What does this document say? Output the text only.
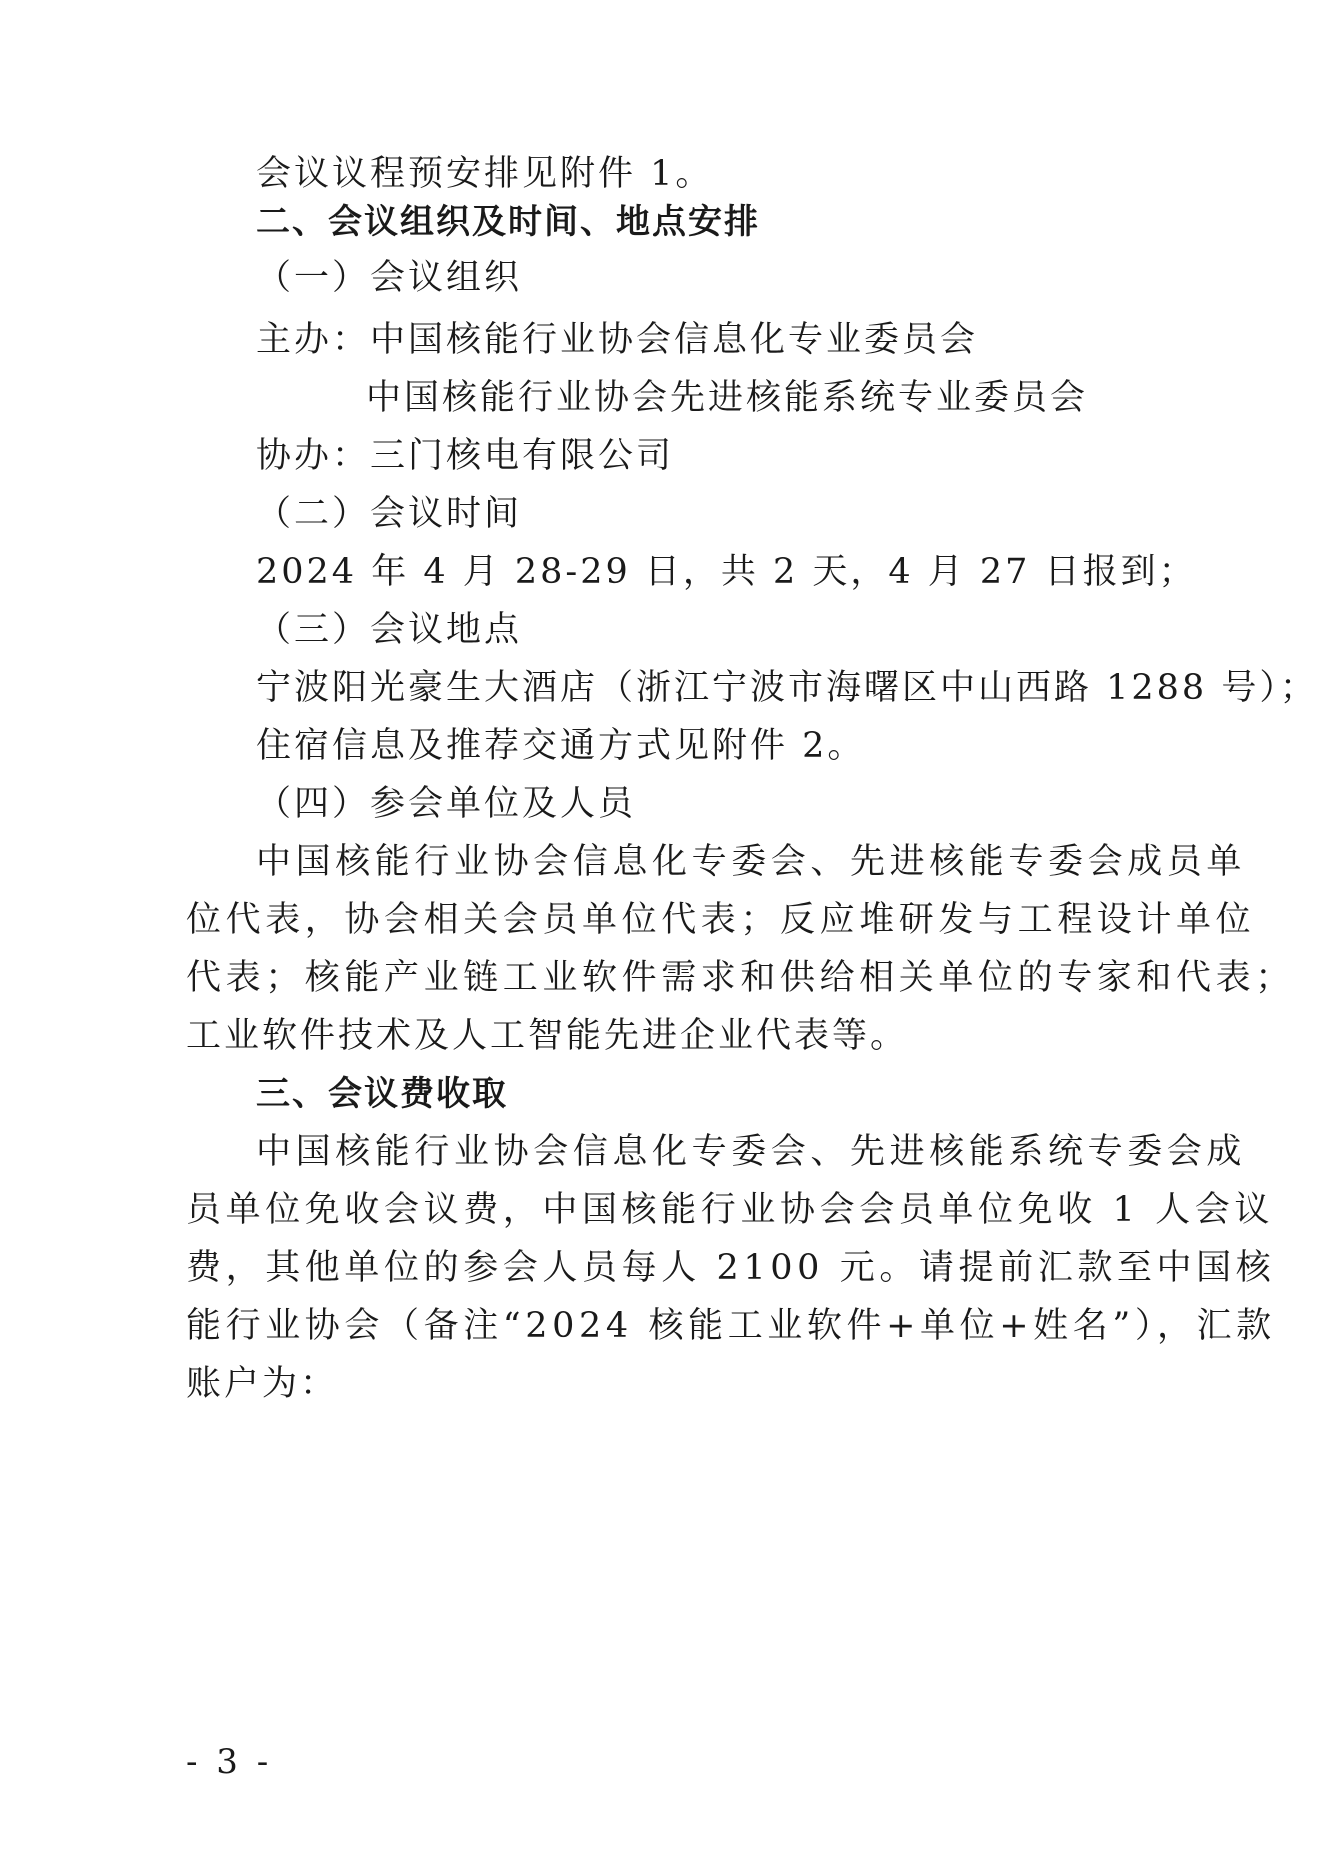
会议议程预安排见附件 1。
二、会议组织及时间、地点安排
（一）会议组织
主办：中国核能行业协会信息化专业委员会
中国核能行业协会先进核能系统专业委员会
协办：三门核电有限公司
（二）会议时间
2024 年 4 月 28-29 日，共 2 天，4 月 27 日报到；
（三）会议地点
宁波阳光豪生大酒店（浙江宁波市海曙区中山西路 1288 号）；
住宿信息及推荐交通方式见附件 2。
（四）参会单位及人员
中国核能行业协会信息化专委会、先进核能专委会成员单
位代表，协会相关会员单位代表；反应堆研发与工程设计单位
代表；核能产业链工业软件需求和供给相关单位的专家和代表；
工业软件技术及人工智能先进企业代表等。
三、会议费收取
中国核能行业协会信息化专委会、先进核能系统专委会成
员单位免收会议费，中国核能行业协会会员单位免收 1 人会议
费，其他单位的参会人员每人 2100 元。请提前汇款至中国核
能行业协会（备注“2024 核能工业软件+单位+姓名”），汇款
账户为：
- 3 -
